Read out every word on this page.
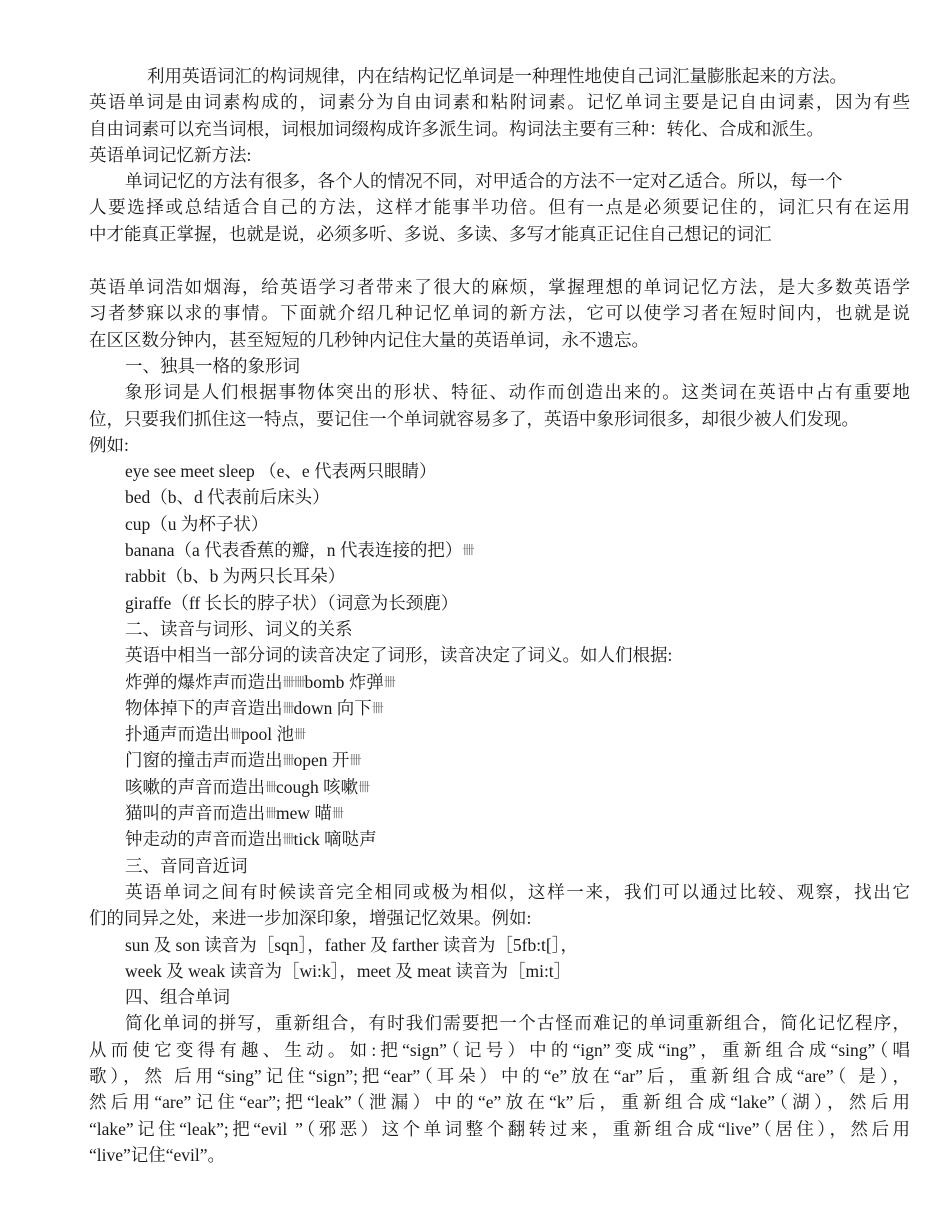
利用英语词汇的构词规律，内在结构记忆单词是一种理性地使自己词汇量膨胀起来的方法。
英语单词是由词素构成的，词素分为自由词素和粘附词素。记忆单词主要是记自由词素，因为有些
自由词素可以充当词根，词根加词缀构成许多派生词。构词法主要有三种：转化、合成和派生。
英语单词记忆新方法:
单词记忆的方法有很多，各个人的情况不同，对甲适合的方法不一定对乙适合。所以，每一个
人要选择或总结适合自己的方法，这样才能事半功倍。但有一点是必须要记住的，词汇只有在运用
中才能真正掌握，也就是说，必须多听、多说、多读、多写才能真正记住自己想记的词汇
英语单词浩如烟海，给英语学习者带来了很大的麻烦，掌握理想的单词记忆方法，是大多数英语学
习者梦寐以求的事情。下面就介绍几种记忆单词的新方法，它可以使学习者在短时间内，也就是说
在区区数分钟内，甚至短短的几秒钟内记住大量的英语单词，永不遗忘。
一、独具一格的象形词
象形词是人们根据事物体突出的形状、特征、动作而创造出来的。这类词在英语中占有重要地
位，只要我们抓住这一特点，要记住一个单词就容易多了，英语中象形词很多，却很少被人们发现。
例如:
eye see meet sleep （e、e 代表两只眼睛）
bed（b、d 代表前后床头）
cup（u 为杯子状）
banana（a 代表香蕉的瓣，n 代表连接的把）卌
rabbit（b、b 为两只长耳朵）
giraffe（ff 长长的脖子状）（词意为长颈鹿）
二、读音与词形、词义的关系
英语中相当一部分词的读音决定了词形，读音决定了词义。如人们根据:
炸弹的爆炸声而造出卌卌bomb 炸弹卌
物体掉下的声音造出卌down 向下卌
扑通声而造出卌pool 池卌
门窗的撞击声而造出卌open 开卌
咳嗽的声音而造出卌cough 咳嗽卌
猫叫的声音而造出卌mew 喵卌
钟走动的声音而造出卌tick 嘀哒声
三、音同音近词
英语单词之间有时候读音完全相同或极为相似，这样一来，我们可以通过比较、观察，找出它
们的同异之处，来进一步加深印象，增强记忆效果。例如:
sun 及 son 读音为［sqn］，father 及 farther 读音为［5fb:t[］，
week 及 weak 读音为［wi:k］，meet 及 meat 读音为［mi:t］
四、组合单词
简化单词的拼写，重新组合，有时我们需要把一个古怪而难记的单词重新组合，简化记忆程序，
从而使它变得有趣、生动。如:把“sign”（记号）中的“ign”变成“ing”，重新组合成“sing”（唱
歌），然 后用“sing”记住“sign”;把“ear”（耳朵）中的“e”放在“ar”后，重新组合成“are”（ 是），
然后用“are”记住“ear”;把“leak”（泄漏）中的“e”放在“k”后，重新组合成“lake”（湖），然后用
“lake”记住“leak”;把“evil ”（邪恶）这个单词整个翻转过来，重新组合成“live”（居住），然后用
“live”记住“evil”。
